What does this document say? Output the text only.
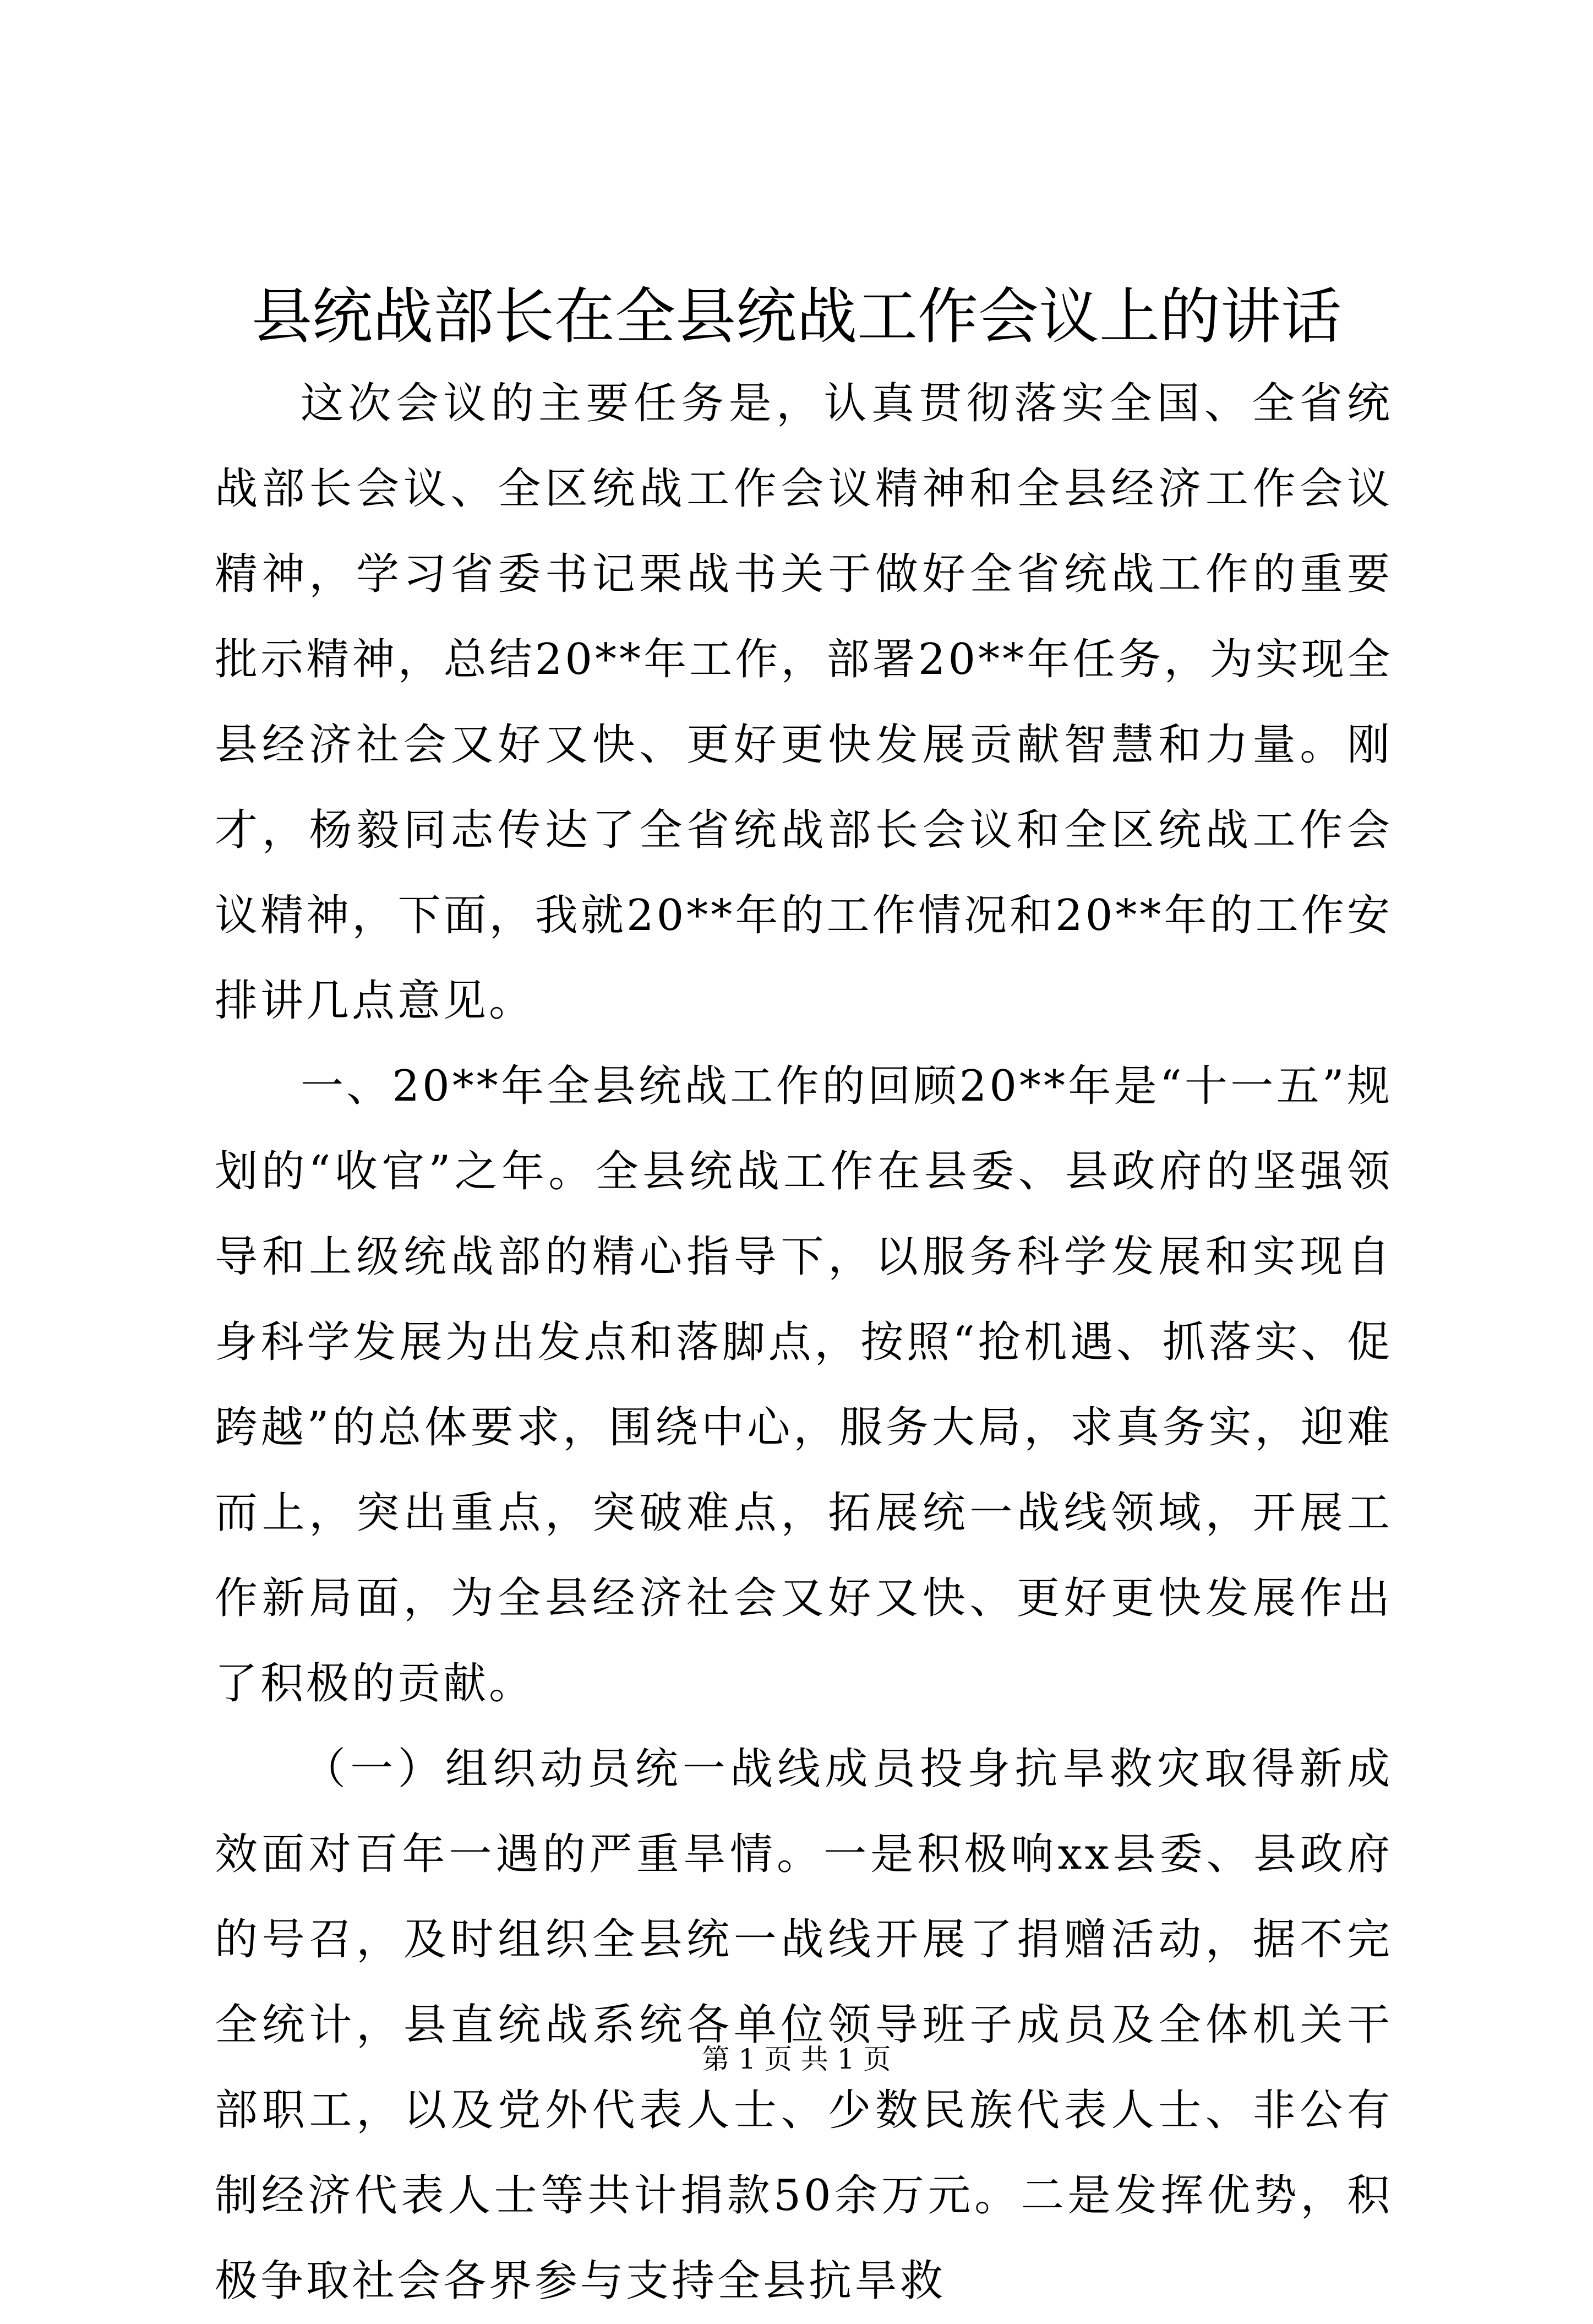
县统战部长在全县统战工作会议上的讲话

这次会议的主要任务是，认真贯彻落实全国、全省统战部长会议、全区统战工作会议精神和全县经济工作会议精神，学习省委书记栗战书关于做好全省统战工作的重要批示精神，总结20**年工作，部署20**年任务，为实现全县经济社会又好又快、更好更快发展贡献智慧和力量。刚才，杨毅同志传达了全省统战部长会议和全区统战工作会议精神，下面，我就20**年的工作情况和20**年的工作安排讲几点意见。

一、20**年全县统战工作的回顾20**年是“十一五”规划的“收官”之年。全县统战工作在县委、县政府的坚强领导和上级统战部的精心指导下，以服务科学发展和实现自身科学发展为出发点和落脚点，按照“抢机遇、抓落实、促跨越”的总体要求，围绕中心，服务大局，求真务实，迎难而上，突出重点，突破难点，拓展统一战线领域，开展工作新局面，为全县经济社会又好又快、更好更快发展作出了积极的贡献。

（一）组织动员统一战线成员投身抗旱救灾取得新成效面对百年一遇的严重旱情。一是积极响xx县委、县政府的号召，及时组织全县统一战线开展了捐赠活动，据不完全统计，县直统战系统各单位领导班子成员及全体机关干部职工，以及党外代表人士、少数民族代表人士、非公有制经济代表人士等共计捐款50余万元。二是发挥优势，积极争取社会各界参与支持全县抗旱救

第 1 页 共 1 页
